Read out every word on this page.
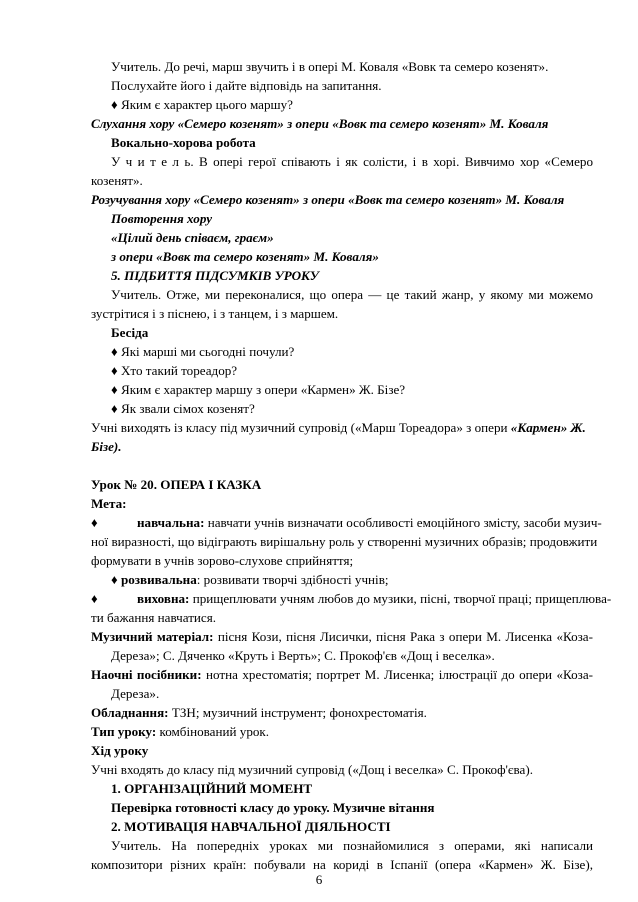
Учитель. До речі, марш звучить і в опері М. Коваля «Вовк та семеро козенят».
Послухайте його і дайте відповідь на запитання.
♦ Яким є характер цього маршу?
Слухання хору «Семеро козенят» з опери «Вовк та семеро козенят» М. Коваля
Вокально-хорова робота
У ч и т е л ь. В опері герої співають і як солісти, і в хорі. Вивчимо хор «Семеро
козенят».
Розучування хору «Семеро козенят» з опери «Вовк та семеро козенят» М. Коваля
Повторення хору
«Цілий день співаєм, граєм»
з опери «Вовк та семеро козенят» М. Коваля»
5. ПІДБИТТЯ ПІДСУМКІВ УРОКУ
Учитель. Отже, ми переконалися, що опера — це такий жанр, у якому ми можемо
зустрітися і з піснею, і з танцем, і з маршем.
Бесіда
♦ Які марші ми сьогодні почули?
♦ Хто такий тореадор?
♦ Яким є характер маршу з опери «Кармен» Ж. Бізе?
♦ Як звали сімох козенят?
Учні виходять із класу під музичний супровід («Марш Тореадора» з опери «Кармен» Ж.
Бізе).
Урок № 20. ОПЕРА І КАЗКА
Мета:
♦	навчальна: навчати учнів визначати особливості емоційного змісту, засоби музич-
ної виразності, що відіграють вирішальну роль у створенні музичних образів; продовжити
формувати в учнів зорово-слухове сприйняття;
♦ розвивальна: розвивати творчі здібності учнів;
♦	виховна: прищеплювати учням любов до музики, пісні, творчої праці; прищеплюва-
ти бажання навчатися.
Музичний матеріал: пісня Кози, пісня Лисички, пісня Рака з опери М. Лисенка «Коза-
Дереза»; С. Дяченко «Круть і Верть»; С. Прокоф'єв «Дощ і веселка».
Наочні посібники: нотна хрестоматія; портрет М. Лисенка; ілюстрації до опери «Коза-
Дереза».
Обладнання: ТЗН; музичний інструмент; фонохрестоматія.
Тип уроку: комбінований урок.
Хід уроку
Учні входять до класу під музичний супровід («Дощ і веселка» С. Прокоф'єва).
1. ОРГАНІЗАЦІЙНИЙ МОМЕНТ
Перевірка готовності класу до уроку. Музичне вітання
2. МОТИВАЦІЯ НАВЧАЛЬНОЇ ДІЯЛЬНОСТІ
Учитель. На попередніх уроках ми познайомилися з операми, які написали
композитори різних країн: побували на кориді в Іспанії (опера «Кармен» Ж. Бізе),
6
